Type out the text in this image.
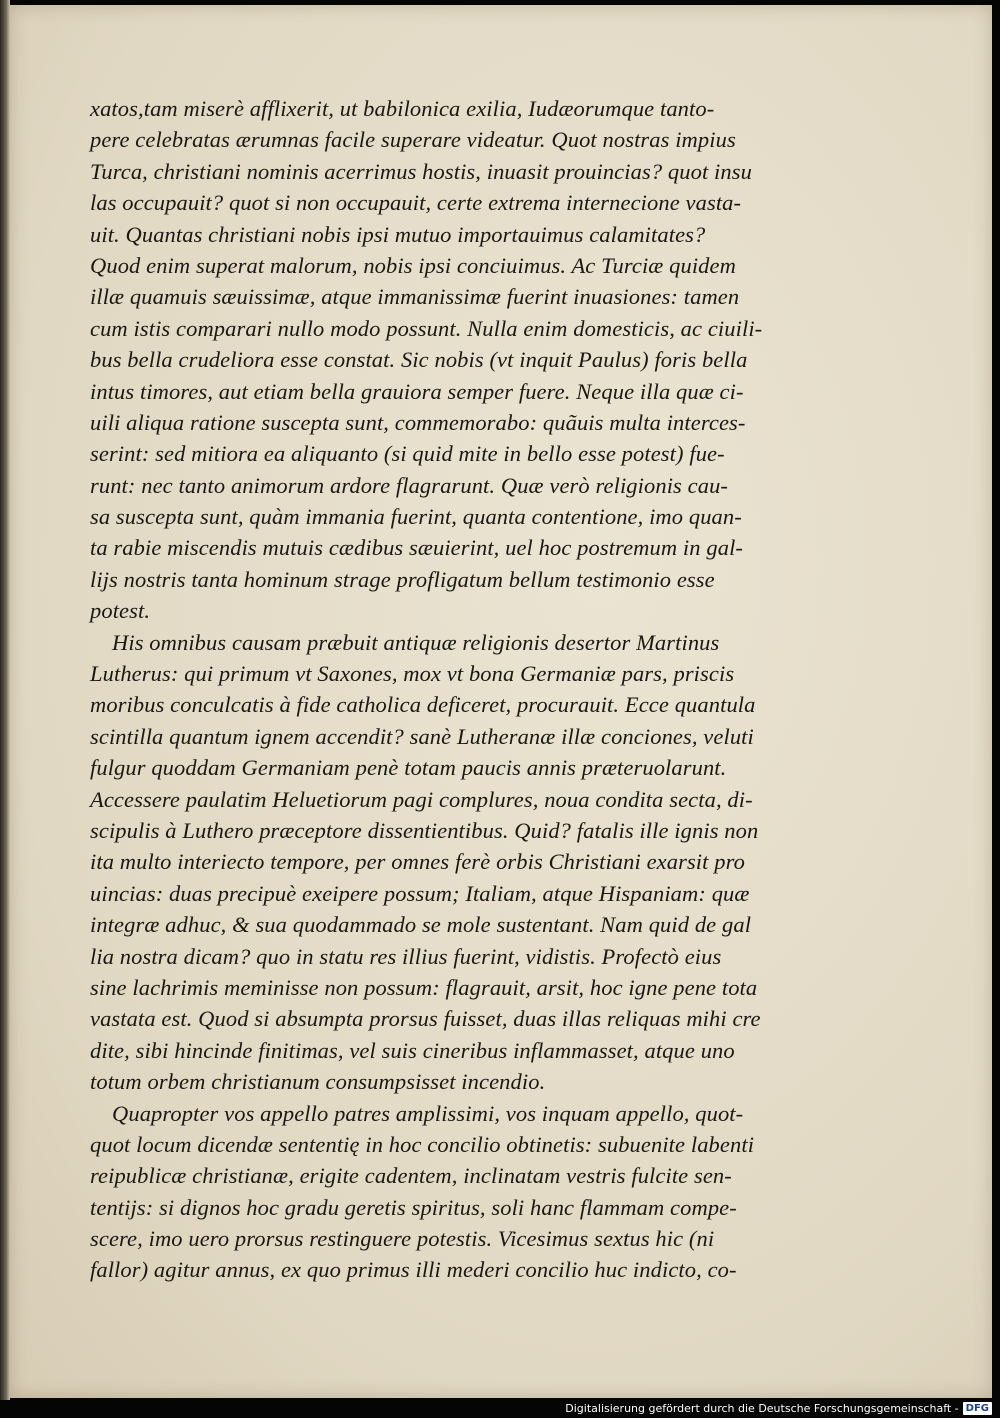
xatos,tam miserè afflixerit, ut babilonica exilia, Iudæorumque tanto-
pere celebratas ærumnas facile superare videatur. Quot nostras impius
Turca, christiani nominis acerrimus hostis, inuasit prouincias? quot insu
las occupauit? quot si non occupauit, certe extrema internecione vasta-
uit. Quantas christiani nobis ipsi mutuo importauimus calamitates?
Quod enim superat malorum, nobis ipsi conciuimus. Ac Turciæ quidem
illæ quamuis sæuissimæ, atque immanissimæ fuerint inuasiones: tamen
cum istis comparari nullo modo possunt. Nulla enim domesticis, ac ciuili-
bus bella crudeliora esse constat. Sic nobis (vt inquit Paulus) foris bella
intus timores, aut etiam bella grauiora semper fuere. Neque illa quæ ci-
uili aliqua ratione suscepta sunt, commemorabo: quãuis multa interces-
serint: sed mitiora ea aliquanto (si quid mite in bello esse potest) fue-
runt: nec tanto animorum ardore flagrarunt. Quæ verò religionis cau-
sa suscepta sunt, quàm immania fuerint, quanta contentione, imo quan-
ta rabie miscendis mutuis cædibus sæuierint, uel hoc postremum in gal-
lijs nostris tanta hominum strage profligatum bellum testimonio esse
potest.
His omnibus causam præbuit antiquæ religionis desertor Martinus
Lutherus: qui primum vt Saxones, mox vt bona Germaniæ pars, priscis
moribus conculcatis à fide catholica deficeret, procurauit. Ecce quantula
scintilla quantum ignem accendit? sanè Lutheranæ illæ conciones, veluti
fulgur quoddam Germaniam penè totam paucis annis præteruolarunt.
Accessere paulatim Heluetiorum pagi complures, noua condita secta, di-
scipulis à Luthero præceptore dissentientibus. Quid? fatalis ille ignis non
ita multo interiecto tempore, per omnes ferè orbis Christiani exarsit pro
uincias: duas precipuè exeipere possum; Italiam, atque Hispaniam: quæ
integræ adhuc, & sua quodammado se mole sustentant. Nam quid de gal
lia nostra dicam? quo in statu res illius fuerint, vidistis. Profectò eius
sine lachrimis meminisse non possum: flagrauit, arsit, hoc igne pene tota
vastata est. Quod si absumpta prorsus fuisset, duas illas reliquas mihi cre
dite, sibi hincinde finitimas, vel suis cineribus inflammasset, atque uno
totum orbem christianum consumpsisset incendio.
Quapropter vos appello patres amplissimi, vos inquam appello, quot-
quot locum dicendæ sententię in hoc concilio obtinetis: subuenite labenti
reipublicæ christianæ, erigite cadentem, inclinatam vestris fulcite sen-
tentijs: si dignos hoc gradu geretis spiritus, soli hanc flammam compe-
scere, imo uero prorsus restinguere potestis. Vicesimus sextus hic (ni
fallor) agitur annus, ex quo primus illi mederi concilio huc indicto, co-
Digitalisierung gefördert durch die Deutsche Forschungsgemeinschaft - DFG
